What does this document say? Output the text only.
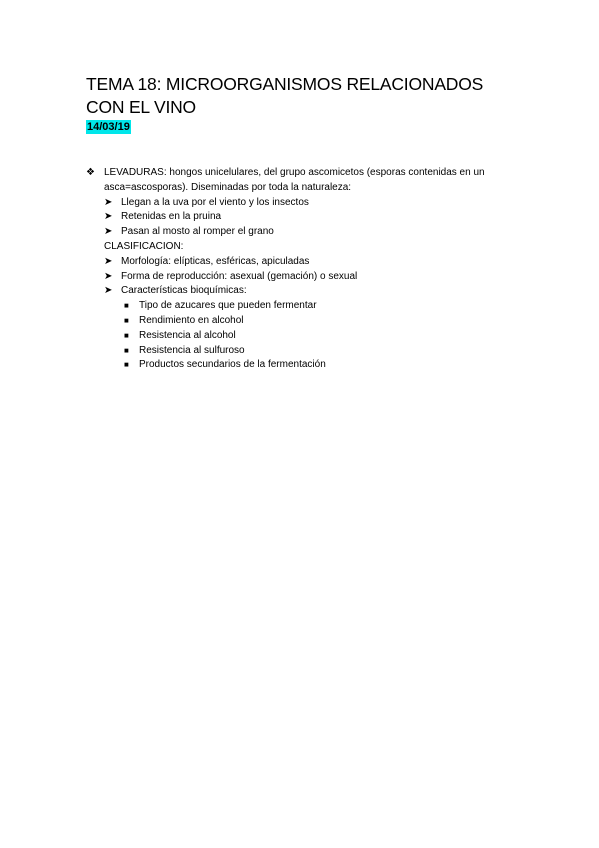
TEMA 18: MICROORGANISMOS RELACIONADOS CON EL VINO
14/03/19
❖ LEVADURAS: hongos unicelulares, del grupo ascomicetos (esporas contenidas en un asca=ascosporas). Diseminadas por toda la naturaleza:
➤ Llegan a la uva por el viento y los insectos
➤ Retenidas en la pruina
➤ Pasan al mosto al romper el grano
CLASIFICACION:
➤ Morfología: elípticas, esféricas, apiculadas
➤ Forma de reproducción: asexual (gemación) o sexual
➤ Características bioquímicas:
■ Tipo de azucares que pueden fermentar
■ Rendimiento en alcohol
■ Resistencia al alcohol
■ Resistencia al sulfuroso
■ Productos secundarios de la fermentación
